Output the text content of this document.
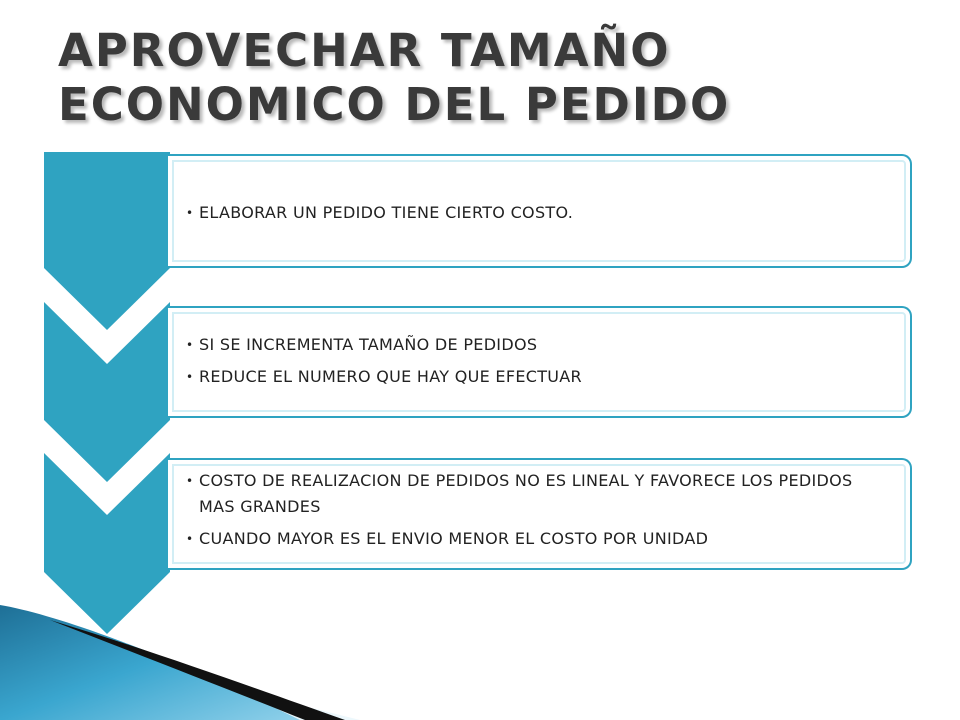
APROVECHAR TAMAÑO
ECONOMICO DEL PEDIDO
• ELABORAR UN PEDIDO TIENE CIERTO COSTO.
• SI SE INCREMENTA TAMAÑO DE PEDIDOS
• REDUCE EL NUMERO QUE HAY QUE EFECTUAR
• COSTO DE REALIZACION DE PEDIDOS NO ES LINEAL Y FAVORECE LOS PEDIDOS MAS GRANDES
• CUANDO MAYOR ES EL ENVIO MENOR EL COSTO POR UNIDAD
